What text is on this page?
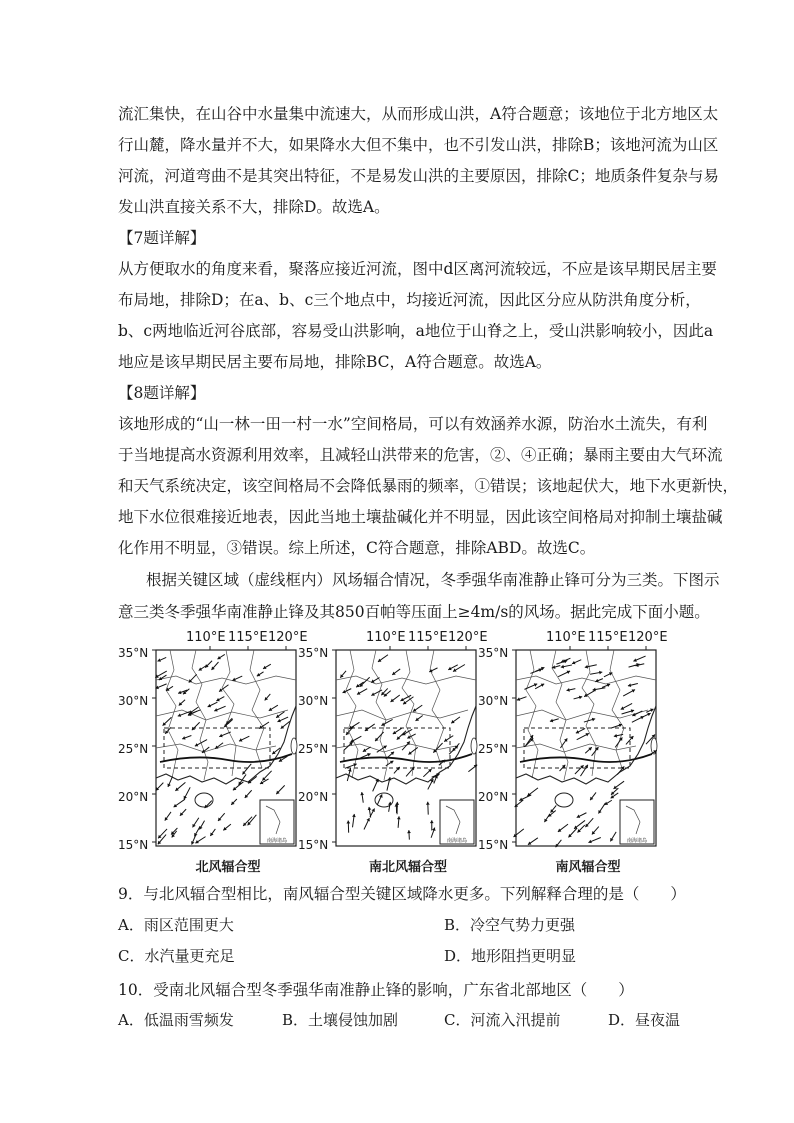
流汇集快，在山谷中水量集中流速大，从而形成山洪，A符合题意；该地位于北方地区太
行山麓，降水量并不大，如果降水大但不集中，也不引发山洪，排除B；该地河流为山区
河流，河道弯曲不是其突出特征，不是易发山洪的主要原因，排除C；地质条件复杂与易
发山洪直接关系不大，排除D。故选A。
【7题详解】
从方便取水的角度来看，聚落应接近河流，图中d区离河流较远，不应是该早期民居主要
布局地，排除D；在a、b、c三个地点中，均接近河流，因此区分应从防洪角度分析，
b、c两地临近河谷底部，容易受山洪影响，a地位于山脊之上，受山洪影响较小，因此a
地应是该早期民居主要布局地，排除BC，A符合题意。故选A。
【8题详解】
该地形成的“山一林一田一村一水”空间格局，可以有效涵养水源，防治水土流失，有利
于当地提高水资源利用效率，且减轻山洪带来的危害，②、④正确；暴雨主要由大气环流
和天气系统决定，该空间格局不会降低暴雨的频率，①错误；该地起伏大，地下水更新快，
地下水位很难接近地表，因此当地土壤盐碱化并不明显，因此该空间格局对抑制土壤盐碱
化作用不明显，③错误。综上所述，C符合题意，排除ABD。故选C。
根据关键区域（虚线框内）风场辐合情况，冬季强华南准静止锋可分为三类。下图示
意三类冬季强华南准静止锋及其850百帕等压面上≥4m/s的风场。据此完成下面小题。
110°E 115°E 120°E
35°N
30°N
25°N
20°N
15°N	南海诸岛
北风辐合型
110°E 115°E 120°E
35°N
30°N
25°N
20°N
15°N	南海诸岛
南北风辐合型
110°E 115°E 120°E
35°N
30°N
25°N
20°N
15°N	南海诸岛
南风辐合型
9．与北风辐合型相比，南风辐合型关键区域降水更多。下列解释合理的是（　　）
A．雨区范围更大	B．冷空气势力更强
C．水汽量更充足	D．地形阻挡更明显
10．受南北风辐合型冬季强华南准静止锋的影响，广东省北部地区（　　）
A．低温雨雪频发	B．土壤侵蚀加剧	C．河流入汛提前	D．昼夜温
